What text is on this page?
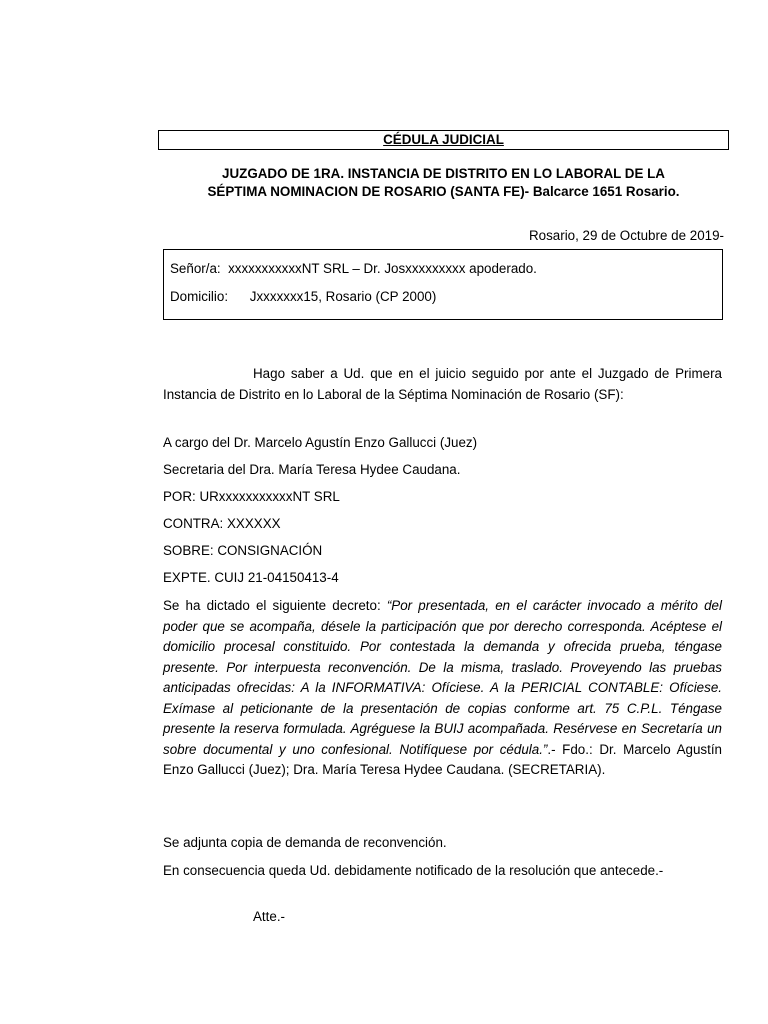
CÉDULA JUDICIAL
JUZGADO DE 1RA. INSTANCIA DE DISTRITO EN LO LABORAL DE LA
SÉPTIMA NOMINACION DE ROSARIO (SANTA FE)- Balcarce 1651 Rosario.
Rosario, 29 de Octubre de 2019-
Señor/a: xxxxxxxxxxxNT SRL – Dr. Josxxxxxxxxx apoderado.
Domicilio: Jxxxxxxx15, Rosario (CP 2000)
Hago saber a Ud. que en el juicio seguido por ante el Juzgado de Primera Instancia de Distrito en lo Laboral de la Séptima Nominación de Rosario (SF):
A cargo del Dr. Marcelo Agustín Enzo Gallucci (Juez)
Secretaria del Dra. María Teresa Hydee Caudana.
POR: URxxxxxxxxxxxNT SRL
CONTRA: XXXXXX
SOBRE: CONSIGNACIÓN
EXPTE. CUIJ 21-04150413-4
Se ha dictado el siguiente decreto: “Por presentada, en el carácter invocado a mérito del poder que se acompaña, désele la participación que por derecho corresponda. Acéptese el domicilio procesal constituido. Por contestada la demanda y ofrecida prueba, téngase presente. Por interpuesta reconvención. De la misma, traslado. Proveyendo las pruebas anticipadas ofrecidas: A la INFORMATIVA: Ofíciese. A la PERICIAL CONTABLE: Ofíciese. Exímase al peticionante de la presentación de copias conforme art. 75 C.P.L. Téngase presente la reserva formulada. Agréguese la BUIJ acompañada. Resérvese en Secretaría un sobre documental y uno confesional. Notifíquese por cédula.”.- Fdo.: Dr. Marcelo Agustín Enzo Gallucci (Juez); Dra. María Teresa Hydee Caudana. (SECRETARIA).
Se adjunta copia de demanda de reconvención.
En consecuencia queda Ud. debidamente notificado de la resolución que antecede.-
Atte.-
